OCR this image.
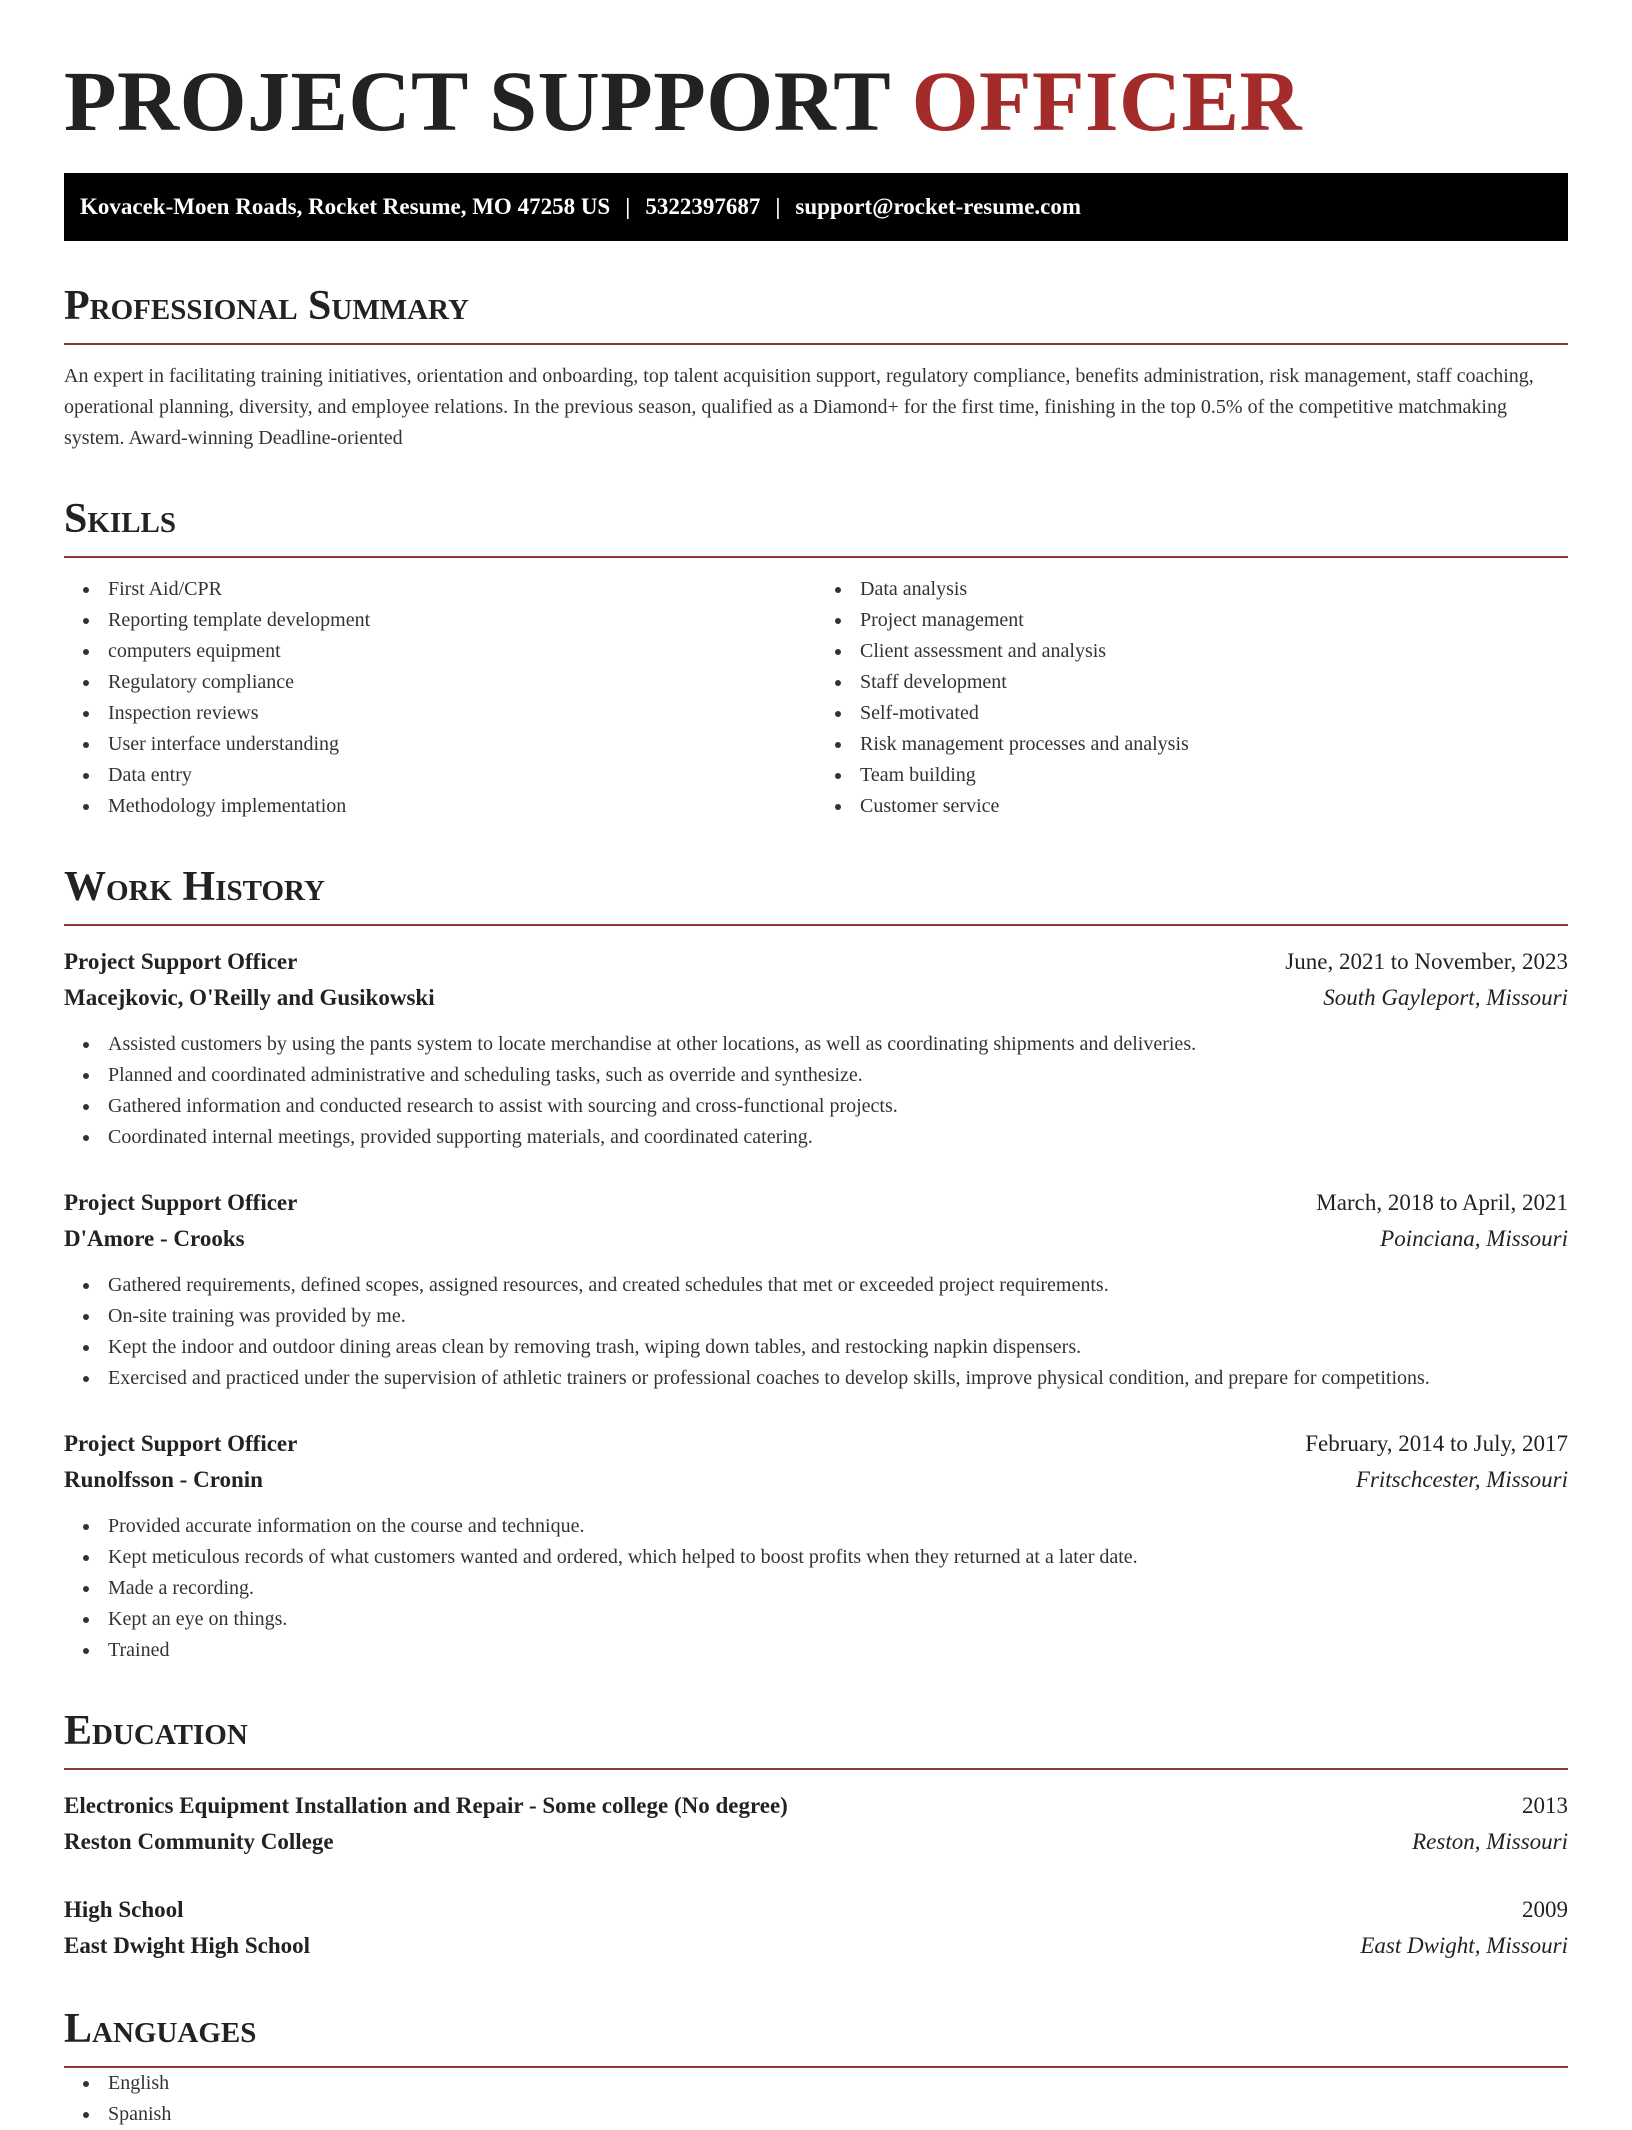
PROJECT SUPPORT OFFICER
Kovacek-Moen Roads, Rocket Resume, MO 47258 US | 5322397687 | support@rocket-resume.com
Professional Summary

An expert in facilitating training initiatives, orientation and onboarding, top talent acquisition support, regulatory compliance, benefits administration, risk management, staff coaching, operational planning, diversity, and employee relations. In the previous season, qualified as a Diamond+ for the first time, finishing in the top 0.5% of the competitive matchmaking system. Award-winning Deadline-oriented

Skills
First Aid/CPR
Reporting template development
computers equipment
Regulatory compliance
Inspection reviews
User interface understanding
Data entry
Methodology implementation
Data analysis
Project management
Client assessment and analysis
Staff development
Self-motivated
Risk management processes and analysis
Team building
Customer service
Work History
Project Support Officer	June, 2021 to November, 2023
Macejkovic, O'Reilly and Gusikowski	South Gayleport, Missouri
Assisted customers by using the pants system to locate merchandise at other locations, as well as coordinating shipments and deliveries.
Planned and coordinated administrative and scheduling tasks, such as override and synthesize.
Gathered information and conducted research to assist with sourcing and cross-functional projects.
Coordinated internal meetings, provided supporting materials, and coordinated catering.
Project Support Officer	March, 2018 to April, 2021
D'Amore - Crooks	Poinciana, Missouri
Gathered requirements, defined scopes, assigned resources, and created schedules that met or exceeded project requirements.
On-site training was provided by me.
Kept the indoor and outdoor dining areas clean by removing trash, wiping down tables, and restocking napkin dispensers.
Exercised and practiced under the supervision of athletic trainers or professional coaches to develop skills, improve physical condition, and prepare for competitions.
Project Support Officer	February, 2014 to July, 2017
Runolfsson - Cronin	Fritschcester, Missouri
Provided accurate information on the course and technique.
Kept meticulous records of what customers wanted and ordered, which helped to boost profits when they returned at a later date.
Made a recording.
Kept an eye on things.
Trained
Education
Electronics Equipment Installation and Repair - Some college (No degree)	2013
Reston Community College	Reston, Missouri
High School	2009
East Dwight High School	East Dwight, Missouri
Languages
English
Spanish
